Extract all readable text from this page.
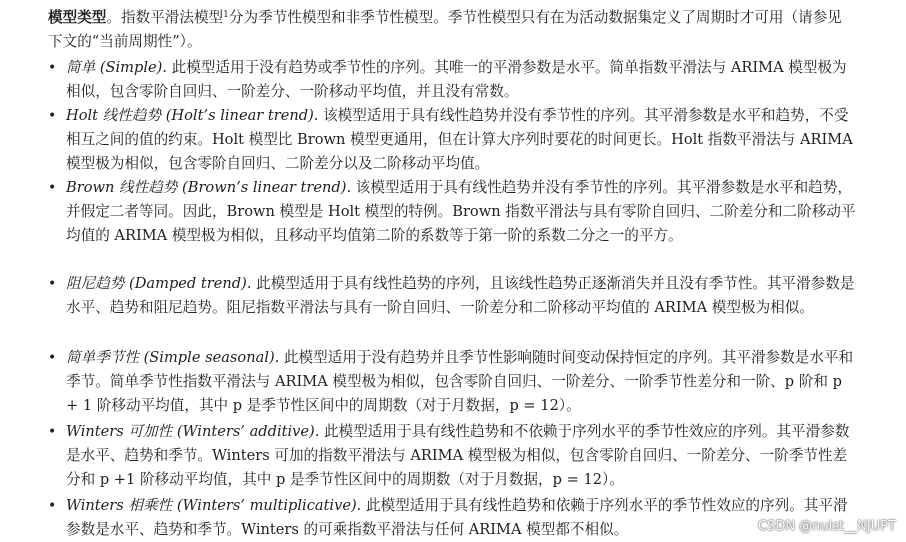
模型类型。指数平滑法模型$^1$分为季节性模型和非季节性模型。季节性模型只有在为活动数据集定义了周期时才可用（请参见下文的“当前周期性”）。
• 简单 (Simple). 此模型适用于没有趋势或季节性的序列。其唯一的平滑参数是水平。简单指数平滑法与 ARIMA 模型极为相似，包含零阶自回归、一阶差分、一阶移动平均值，并且没有常数。
• Holt 线性趋势 (Holt’s linear trend). 该模型适用于具有线性趋势并没有季节性的序列。其平滑参数是水平和趋势，不受相互之间的值的约束。Holt 模型比 Brown 模型更通用，但在计算大序列时要花的时间更长。Holt 指数平滑法与 ARIMA 模型极为相似，包含零阶自回归、二阶差分以及二阶移动平均值。
• Brown 线性趋势 (Brown’s linear trend). 该模型适用于具有线性趋势并没有季节性的序列。其平滑参数是水平和趋势，并假定二者等同。因此，Brown 模型是 Holt 模型的特例。Brown 指数平滑法与具有零阶自回归、二阶差分和二阶移动平均值的 ARIMA 模型极为相似，且移动平均值第二阶的系数等于第一阶的系数二分之一的平方。
• 阻尼趋势 (Damped trend). 此模型适用于具有线性趋势的序列，且该线性趋势正逐渐消失并且没有季节性。其平滑参数是水平、趋势和阻尼趋势。阻尼指数平滑法与具有一阶自回归、一阶差分和二阶移动平均值的 ARIMA 模型极为相似。
• 简单季节性 (Simple seasonal). 此模型适用于没有趋势并且季节性影响随时间变动保持恒定的序列。其平滑参数是水平和季节。简单季节性指数平滑法与 ARIMA 模型极为相似，包含零阶自回归、一阶差分、一阶季节性差分和一阶、p 阶和 p + 1 阶移动平均值，其中 p 是季节性区间中的周期数（对于月数据，p = 12）。
• Winters 可加性 (Winters’ additive). 此模型适用于具有线性趋势和不依赖于序列水平的季节性效应的序列。其平滑参数是水平、趋势和季节。Winters 可加的指数平滑法与 ARIMA 模型极为相似，包含零阶自回归、一阶差分、一阶季节性差分和 p +1 阶移动平均值，其中 p 是季节性区间中的周期数（对于月数据，p = 12）。
• Winters 相乘性 (Winters’ multiplicative). 此模型适用于具有线性趋势和依赖于序列水平的季节性效应的序列。其平滑参数是水平、趋势和季节。Winters 的可乘指数平滑法与任何 ARIMA 模型都不相似。	CSDN @nuist__NJUPT
